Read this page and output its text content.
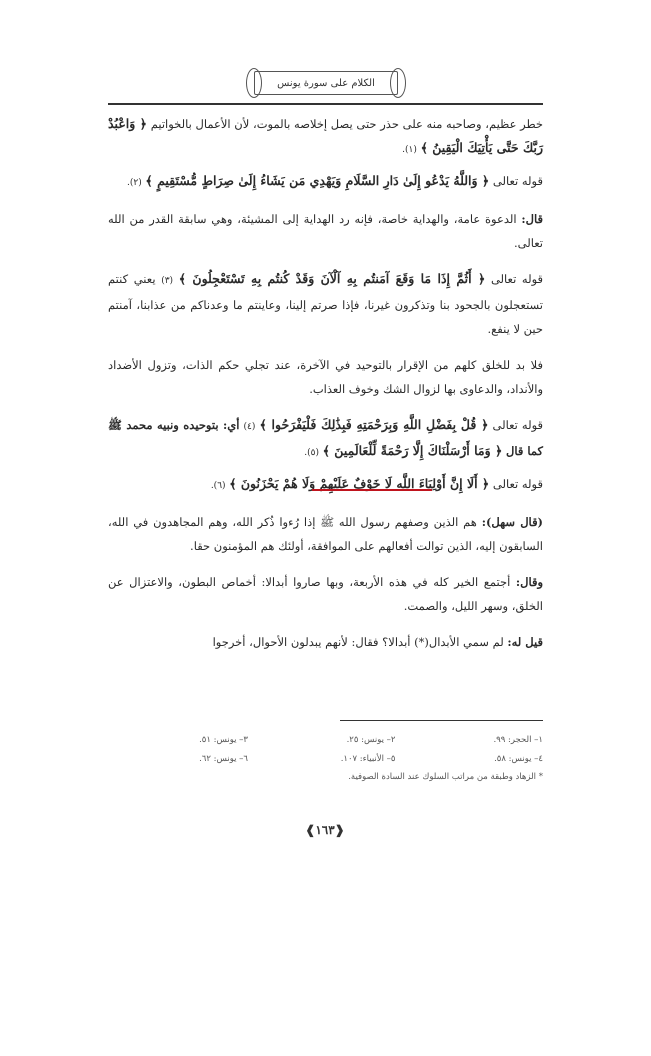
الكلام على سورة يونس

خطر عظيم، وصاحبه منه على حذر حتى يصل إخلاصه بالموت، لأن الأعمال بالخواتيم ﴿ وَاعْبُدْ رَبَّكَ حَتَّى يَأْتِيَكَ الْيَقِينُ ﴾ (١).

قوله تعالى ﴿ وَاللَّهُ يَدْعُو إِلَىٰ دَارِ السَّلَامِ وَيَهْدِي مَن يَشَاءُ إِلَىٰ صِرَاطٍ مُّسْتَقِيمٍ ﴾ (٢).

قال: الدعوة عامة، والهداية خاصة، فإنه رد الهداية إلى المشيئة، وهي سابقة القدر من الله تعالى.

قوله تعالى ﴿ أَثُمَّ إِذَا مَا وَقَعَ آمَنتُم بِهِ آلْآنَ وَقَدْ كُنتُم بِهِ تَسْتَعْجِلُونَ ﴾ (٣) يعني كنتم تستعجلون بالجحود بنا وتذكرون غيرنا، فإذا صرتم إلينا، وعاينتم ما وعدناكم من عذابنا، آمنتم حين لا ينفع.

فلا بد للخلق كلهم من الإقرار بالتوحيد في الآخرة، عند تجلي حكم الذات، وتزول الأضداد والأنداد، والدعاوى بها لزوال الشك وخوف العذاب.

قوله تعالى ﴿ قُلْ بِفَضْلِ اللَّهِ وَبِرَحْمَتِهِ فَبِذَٰلِكَ فَلْيَفْرَحُوا ﴾ (٤) أي: بتوحيده ونبيه محمد ﷺ كما قال ﴿ وَمَا أَرْسَلْنَاكَ إِلَّا رَحْمَةً لِّلْعَالَمِينَ ﴾ (٥).

قوله تعالى ﴿ أَلَا إِنَّ أَوْلِيَاءَ اللَّهِ لَا خَوْفٌ عَلَيْهِمْ وَلَا هُمْ يَحْزَنُونَ ﴾ (٦).

(قال سهل): هم الذين وصفهم رسول الله ﷺ إذا رُءوا ذُكر الله، وهم المجاهدون في الله، السابقون إليه، الذين توالت أفعالهم على الموافقة، أولئك هم المؤمنون حقا.

وقال: أجتمع الخير كله في هذه الأربعة، وبها صاروا أبدالا: أخماص البطون، والاعتزال عن الخلق، وسهر الليل، والصمت.

قيل له: لم سمي الأبدال(*) أبدالا؟ فقال: لأنهم يبدلون الأحوال، أخرجوا

١– الحجر: ٩٩.
٢– يونس: ٢٥.
٣– يونس: ٥١.
٤– يونس: ٥٨.
٥– الأنبياء: ١٠٧.
٦– يونس: ٦٢.
* الزهاد وطبقة من مراتب السلوك عند السادة الصوفية.
❰
١٦٣
❱
